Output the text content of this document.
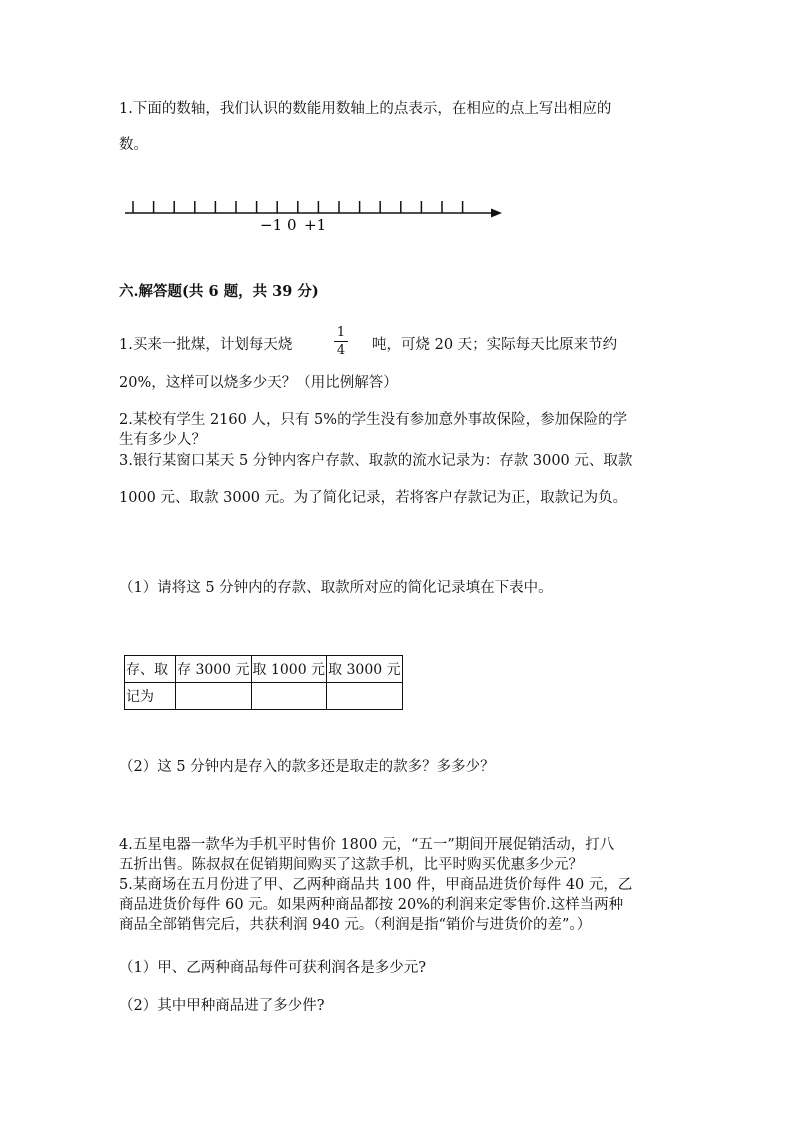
1.下面的数轴，我们认识的数能用数轴上的点表示，在相应的点上写出相应的
数。
−1 0 +1
六.解答题(共 6 题，共 39 分)
1.买来一批煤，计划每天烧
1
4 吨，可烧 20 天；实际每天比原来节约
20%，这样可以烧多少天？（用比例解答）
2.某校有学生 2160 人，只有 5%的学生没有参加意外事故保险，参加保险的学
生有多少人？
3.银行某窗口某天 5 分钟内客户存款、取款的流水记录为：存款 3000 元、取款
1000 元、取款 3000 元。为了简化记录，若将客户存款记为正，取款记为负。
（1）请将这 5 分钟内的存款、取款所对应的简化记录填在下表中。
存、取	存 3000 元	取 1000 元	取 3000 元
记为			
（2）这 5 分钟内是存入的款多还是取走的款多？多多少？
4.五星电器一款华为手机平时售价 1800 元，“五一”期间开展促销活动，打八
五折出售。陈叔叔在促销期间购买了这款手机，比平时购买优惠多少元？
5.某商场在五月份进了甲、乙两种商品共 100 件，甲商品进货价每件 40 元，乙
商品进货价每件 60 元。如果两种商品都按 20%的利润来定零售价.这样当两种
商品全部销售完后，共获利润 940 元。（利润是指“销价与进货价的差”。）
（1）甲、乙两种商品每件可获利润各是多少元?
（2）其中甲种商品进了多少件?
